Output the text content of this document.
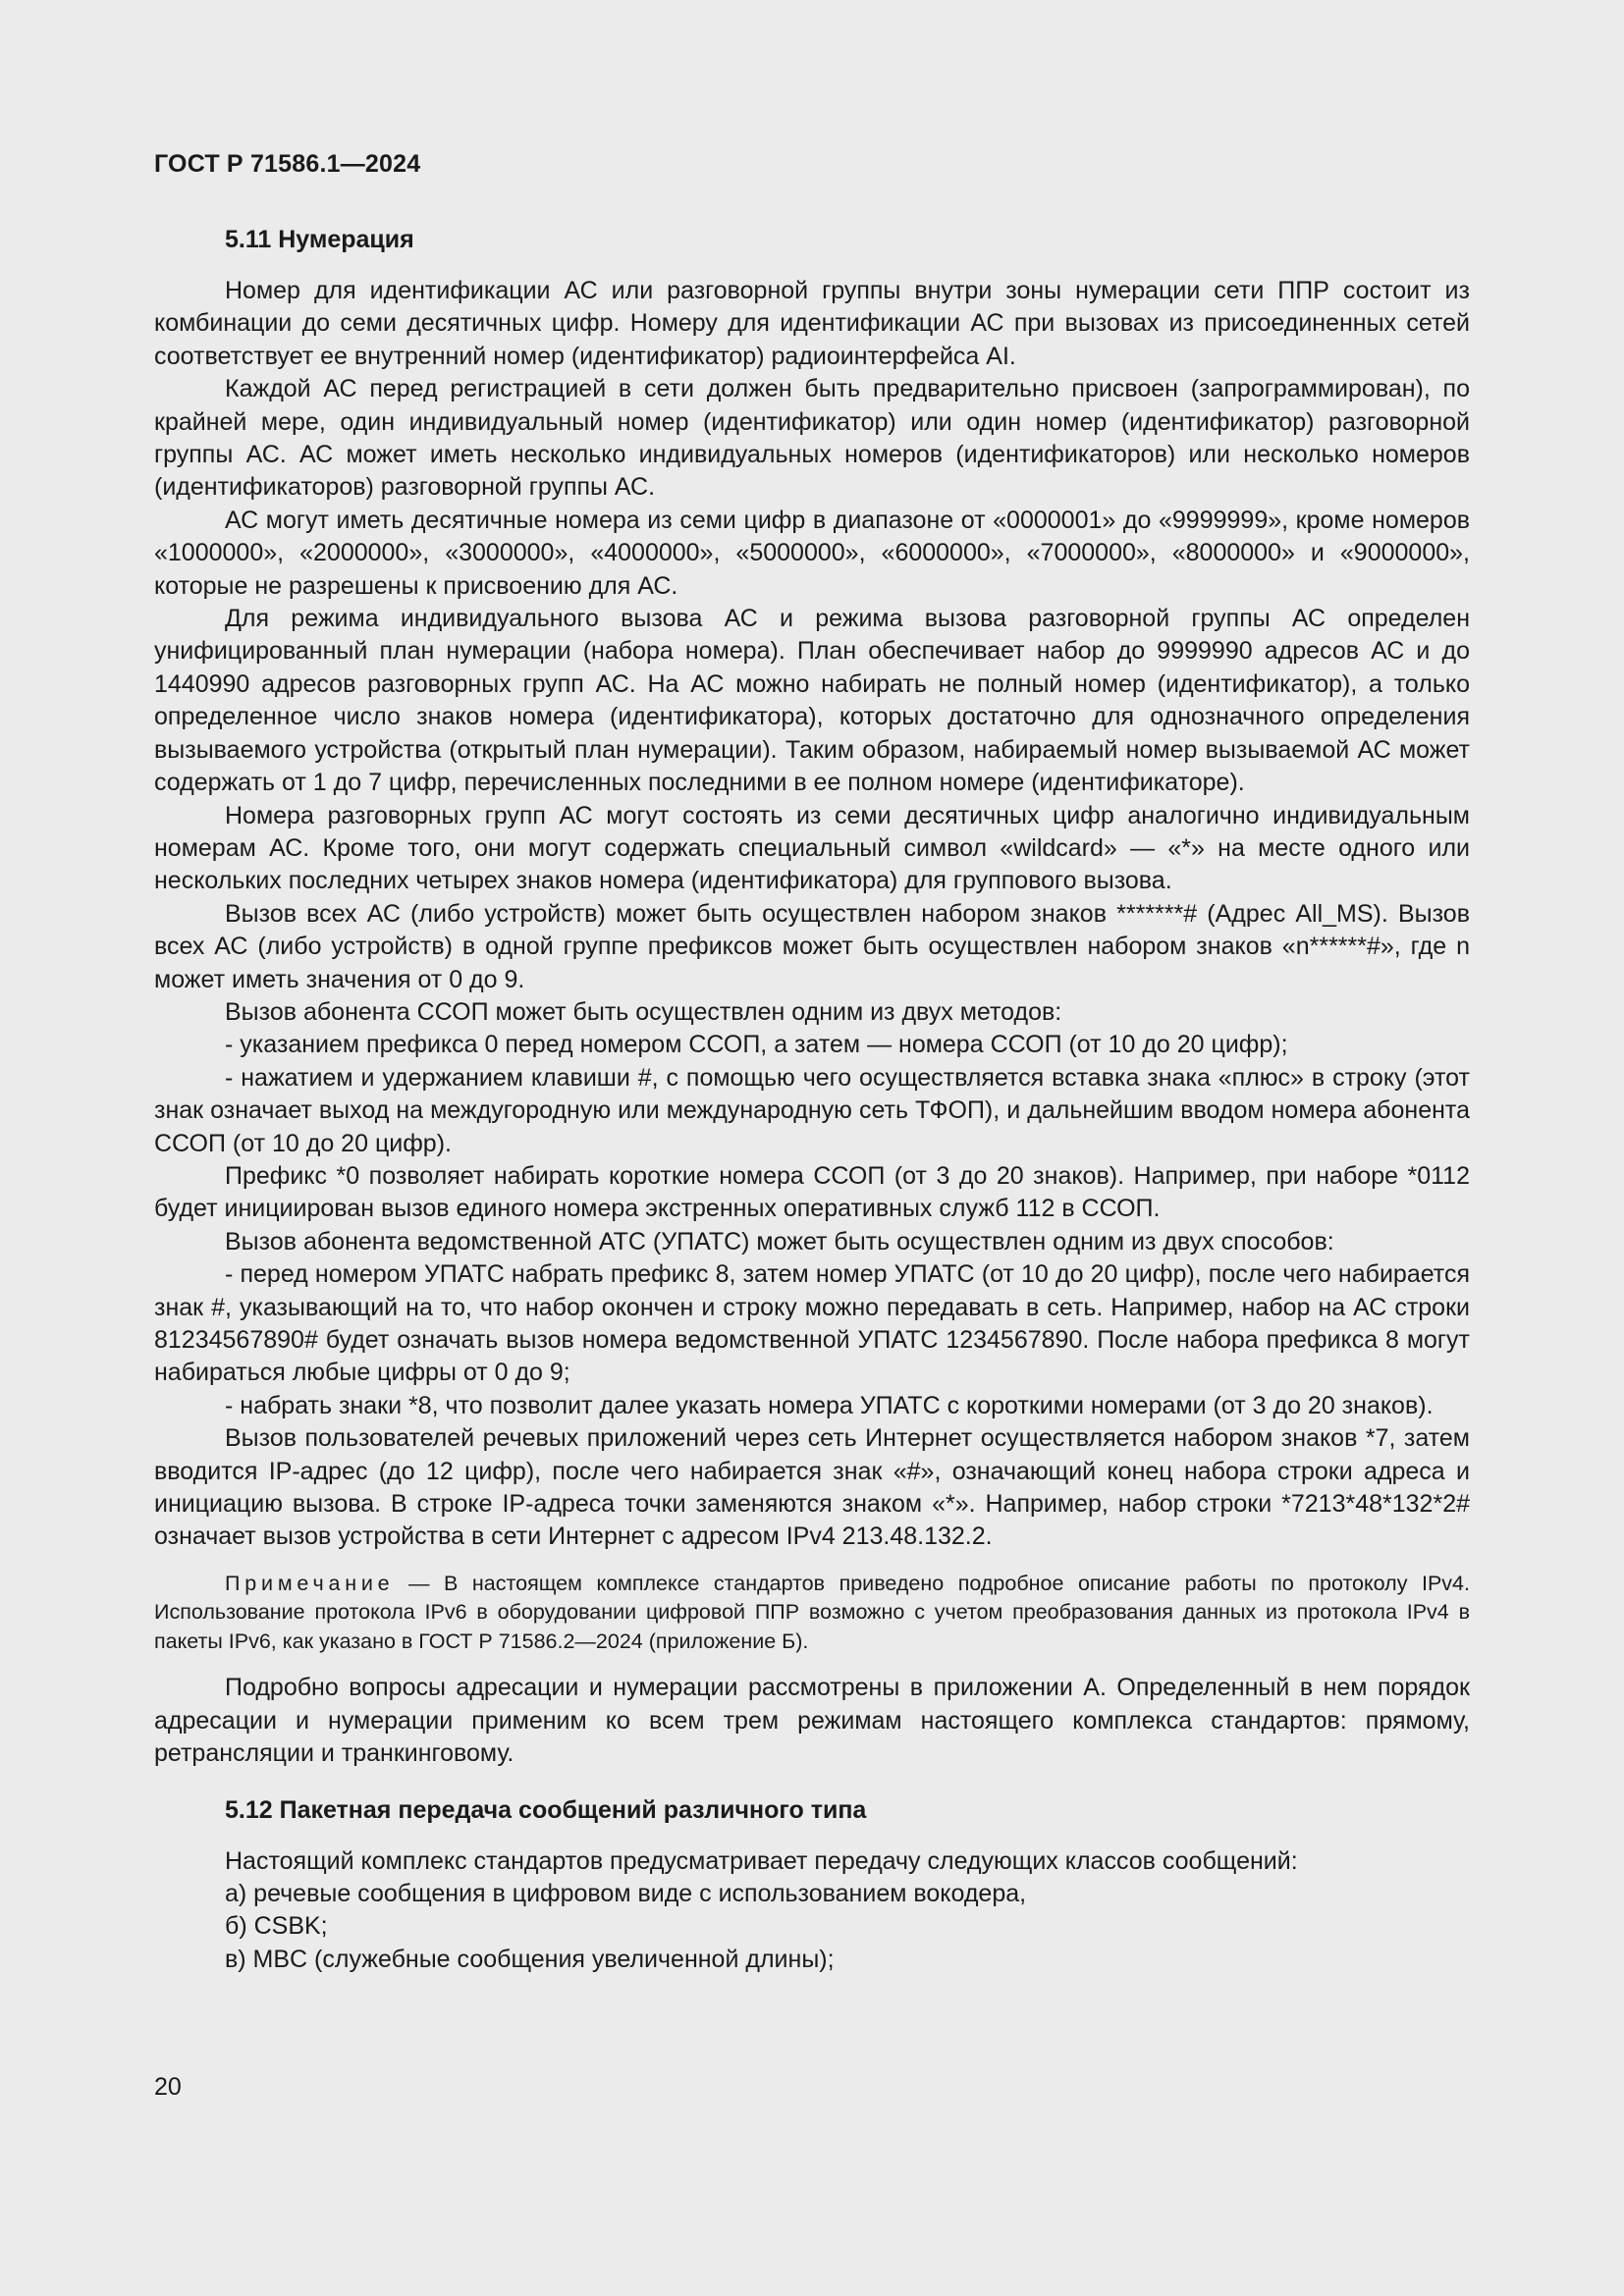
ГОСТ Р 71586.1—2024
5.11 Нумерация

Номер для идентификации АС или разговорной группы внутри зоны нумерации сети ППР состоит из комбинации до семи десятичных цифр. Номеру для идентификации АС при вызовах из присоединенных сетей соответствует ее внутренний номер (идентификатор) радиоинтерфейса AI.

Каждой АС перед регистрацией в сети должен быть предварительно присвоен (запрограммирован), по крайней мере, один индивидуальный номер (идентификатор) или один номер (идентификатор) разговорной группы АС. АС может иметь несколько индивидуальных номеров (идентификаторов) или несколько номеров (идентификаторов) разговорной группы АС.

АС могут иметь десятичные номера из семи цифр в диапазоне от «0000001» до «9999999», кроме номеров «1000000», «2000000», «3000000», «4000000», «5000000», «6000000», «7000000», «8000000» и «9000000», которые не разрешены к присвоению для АС.

Для режима индивидуального вызова АС и режима вызова разговорной группы АС определен унифицированный план нумерации (набора номера). План обеспечивает набор до 9999990 адресов АС и до 1440990 адресов разговорных групп АС. На АС можно набирать не полный номер (идентификатор), а только определенное число знаков номера (идентификатора), которых достаточно для однозначного определения вызываемого устройства (открытый план нумерации). Таким образом, набираемый номер вызываемой АС может содержать от 1 до 7 цифр, перечисленных последними в ее полном номере (идентификаторе).

Номера разговорных групп АС могут состоять из семи десятичных цифр аналогично индивидуальным номерам АС. Кроме того, они могут содержать специальный символ «wildcard» — «*» на месте одного или нескольких последних четырех знаков номера (идентификатора) для группового вызова.

Вызов всех АС (либо устройств) может быть осуществлен набором знаков *******# (Адрес All_MS). Вызов всех АС (либо устройств) в одной группе префиксов может быть осуществлен набором знаков «n******#», где n может иметь значения от 0 до 9.

Вызов абонента ССОП может быть осуществлен одним из двух методов:

- указанием префикса 0 перед номером ССОП, а затем — номера ССОП (от 10 до 20 цифр);

- нажатием и удержанием клавиши #, с помощью чего осуществляется вставка знака «плюс» в строку (этот знак означает выход на междугородную или международную сеть ТФОП), и дальнейшим вводом номера абонента ССОП (от 10 до 20 цифр).

Префикс *0 позволяет набирать короткие номера ССОП (от 3 до 20 знаков). Например, при наборе *0112 будет инициирован вызов единого номера экстренных оперативных служб 112 в ССОП.

Вызов абонента ведомственной АТС (УПАТС) может быть осуществлен одним из двух способов:

- перед номером УПАТС набрать префикс 8, затем номер УПАТС (от 10 до 20 цифр), после чего набирается знак #, указывающий на то, что набор окончен и строку можно передавать в сеть. Например, набор на АС строки 81234567890# будет означать вызов номера ведомственной УПАТС 1234567890. После набора префикса 8 могут набираться любые цифры от 0 до 9;

- набрать знаки *8, что позволит далее указать номера УПАТС с короткими номерами (от 3 до 20 знаков).

Вызов пользователей речевых приложений через сеть Интернет осуществляется набором знаков *7, затем вводится IP-адрес (до 12 цифр), после чего набирается знак «#», означающий конец набора строки адреса и инициацию вызова. В строке IP-адреса точки заменяются знаком «*». Например, набор строки *7213*48*132*2# означает вызов устройства в сети Интернет с адресом IPv4 213.48.132.2.

Примечание — В настоящем комплексе стандартов приведено подробное описание работы по протоколу IPv4. Использование протокола IPv6 в оборудовании цифровой ППР возможно с учетом преобразования данных из протокола IPv4 в пакеты IPv6, как указано в ГОСТ Р 71586.2—2024 (приложение Б).

Подробно вопросы адресации и нумерации рассмотрены в приложении А. Определенный в нем порядок адресации и нумерации применим ко всем трем режимам настоящего комплекса стандартов: прямому, ретрансляции и транкинговому.

5.12 Пакетная передача сообщений различного типа

Настоящий комплекс стандартов предусматривает передачу следующих классов сообщений:

а) речевые сообщения в цифровом виде с использованием вокодера,

б) CSBK;

в) MBC (служебные сообщения увеличенной длины);

20
